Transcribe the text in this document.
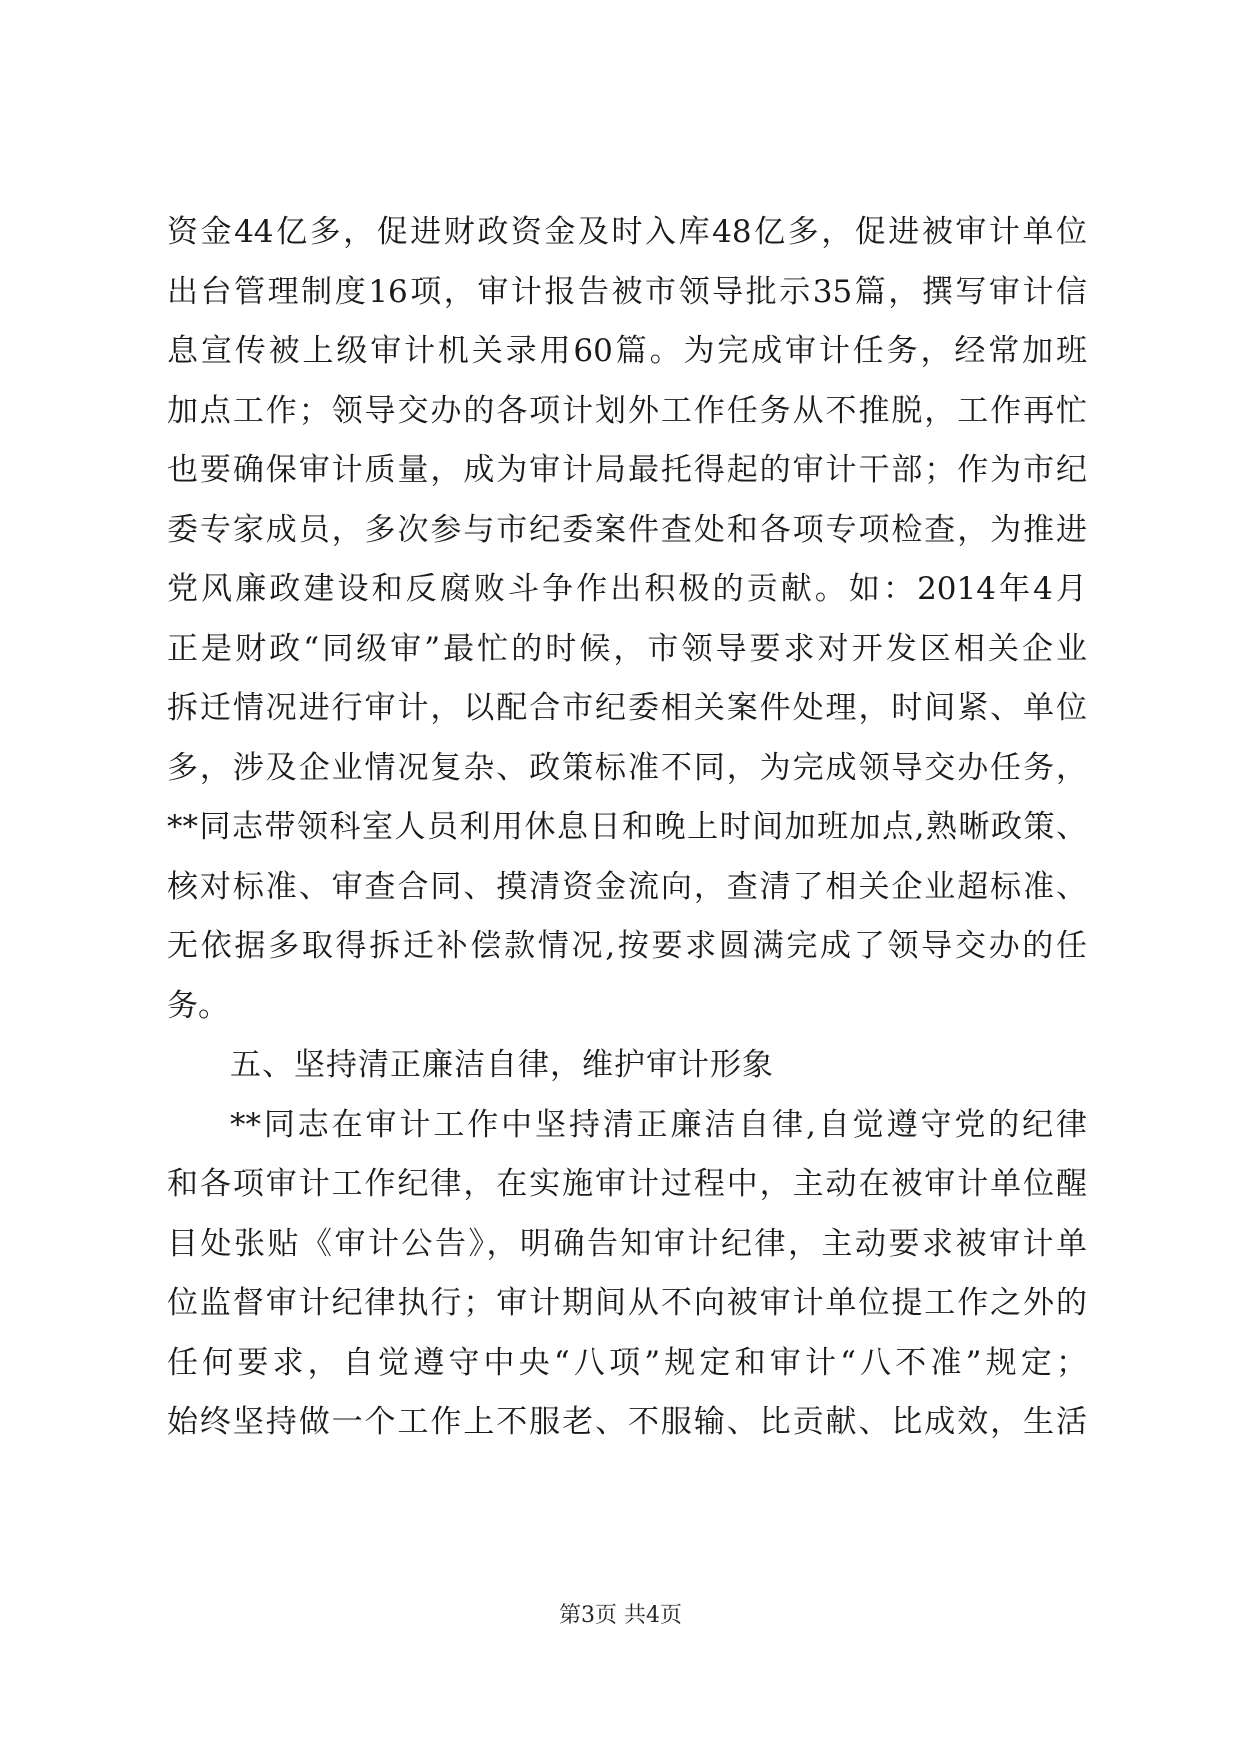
资金44亿多，促进财政资金及时入库48亿多，促进被审计单位
出台管理制度16项，审计报告被市领导批示35篇，撰写审计信
息宣传被上级审计机关录用60篇。为完成审计任务，经常加班
加点工作；领导交办的各项计划外工作任务从不推脱，工作再忙
也要确保审计质量，成为审计局最托得起的审计干部；作为市纪
委专家成员，多次参与市纪委案件查处和各项专项检查，为推进
党风廉政建设和反腐败斗争作出积极的贡献。如：2014年4月
正是财政“同级审”最忙的时候，市领导要求对开发区相关企业
拆迁情况进行审计，以配合市纪委相关案件处理，时间紧、单位
多，涉及企业情况复杂、政策标准不同，为完成领导交办任务，
**同志带领科室人员利用休息日和晚上时间加班加点,熟晰政策、
核对标准、审查合同、摸清资金流向，查清了相关企业超标准、
无依据多取得拆迁补偿款情况,按要求圆满完成了领导交办的任
务。
五、坚持清正廉洁自律，维护审计形象
**同志在审计工作中坚持清正廉洁自律,自觉遵守党的纪律
和各项审计工作纪律，在实施审计过程中，主动在被审计单位醒
目处张贴《审计公告》，明确告知审计纪律，主动要求被审计单
位监督审计纪律执行；审计期间从不向被审计单位提工作之外的
任何要求，自觉遵守中央“八项”规定和审计“八不准”规定；
始终坚持做一个工作上不服老、不服输、比贡献、比成效，生活
第3页 共4页
